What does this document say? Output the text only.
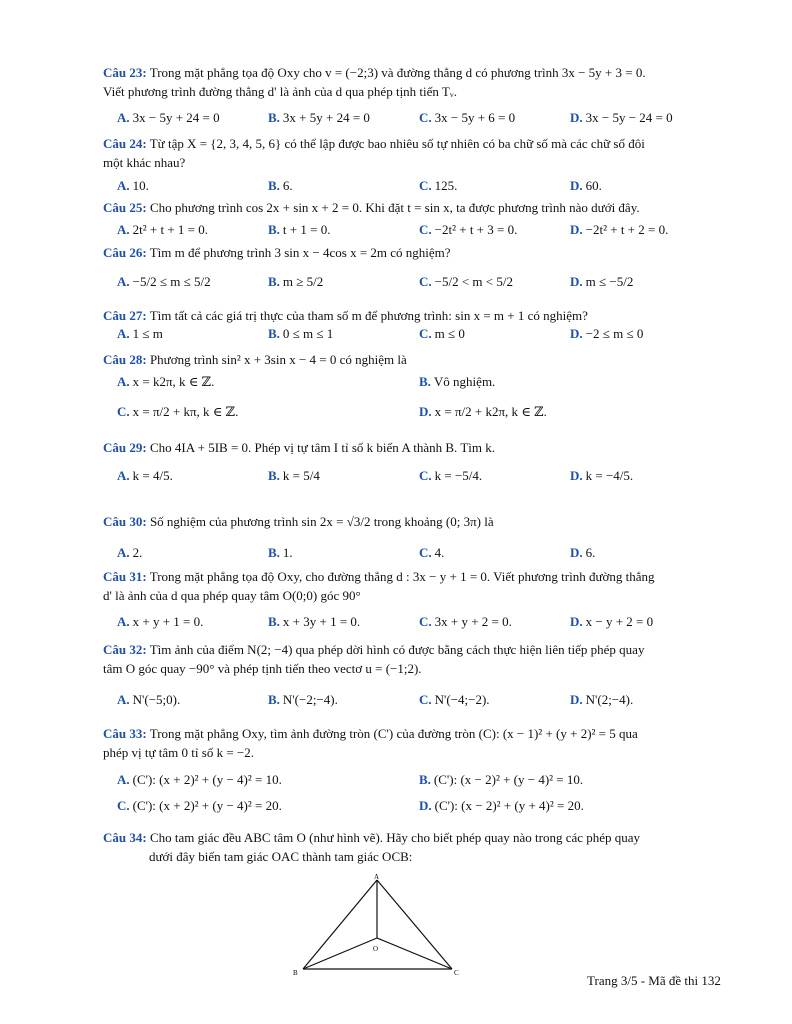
Câu 23: Trong mặt phẳng tọa độ Oxy cho v = (−2;3) và đường thẳng d có phương trình 3x − 5y + 3 = 0.
Viết phương trình đường thẳng d' là ảnh của d qua phép tịnh tiến Tᵥ.
A. 3x − 5y + 24 = 0	B. 3x + 5y + 24 = 0	C. 3x − 5y + 6 = 0	D. 3x − 5y − 24 = 0
Câu 24: Từ tập X = {2, 3, 4, 5, 6} có thể lập được bao nhiêu số tự nhiên có ba chữ số mà các chữ số đôi
một khác nhau?
A. 10.	B. 6.	C. 125.	D. 60.
Câu 25: Cho phương trình cos 2x + sin x + 2 = 0. Khi đặt t = sin x, ta được phương trình nào dưới đây.
A. 2t² + t + 1 = 0.	B. t + 1 = 0.	C. −2t² + t + 3 = 0.	D. −2t² + t + 2 = 0.
Câu 26: Tìm m để phương trình 3 sin x − 4cos x = 2m có nghiệm?
A. −5/2 ≤ m ≤ 5/2	B. m ≥ 5/2	C. −5/2 < m < 5/2	D. m ≤ −5/2
Câu 27: Tìm tất cả các giá trị thực của tham số m để phương trình: sin x = m + 1 có nghiệm?
A. 1 ≤ m	B. 0 ≤ m ≤ 1	C. m ≤ 0	D. −2 ≤ m ≤ 0
Câu 28: Phương trình sin² x + 3sin x − 4 = 0 có nghiệm là
A. x = k2π, k ∈ ℤ.	B. Vô nghiệm.
C. x = π/2 + kπ, k ∈ ℤ.	D. x = π/2 + k2π, k ∈ ℤ.
Câu 29: Cho 4IA + 5IB = 0. Phép vị tự tâm I tỉ số k biến A thành B. Tìm k.
A. k = 4/5.	B. k = 5/4	C. k = −5/4.	D. k = −4/5.
Câu 30: Số nghiệm của phương trình sin 2x = √3/2 trong khoảng (0; 3π) là
A. 2.	B. 1.	C. 4.	D. 6.
Câu 31: Trong mặt phẳng tọa độ Oxy, cho đường thẳng d : 3x − y + 1 = 0. Viết phương trình đường thẳng
d' là ảnh của d qua phép quay tâm O(0;0) góc 90°
A. x + y + 1 = 0.	B. x + 3y + 1 = 0.	C. 3x + y + 2 = 0.	D. x − y + 2 = 0
Câu 32: Tìm ảnh của điểm N(2; −4) qua phép dời hình có được bằng cách thực hiện liên tiếp phép quay
tâm O góc quay −90° và phép tịnh tiến theo vectơ u = (−1;2).
A. N'(−5;0).	B. N'(−2;−4).	C. N'(−4;−2).	D. N'(2;−4).
Câu 33: Trong mặt phẳng Oxy, tìm ảnh đường tròn (C') của đường tròn (C): (x − 1)² + (y + 2)² = 5 qua
phép vị tự tâm 0 tỉ số k = −2.
A. (C'): (x + 2)² + (y − 4)² = 10.	B. (C'): (x − 2)² + (y − 4)² = 10.
C. (C'): (x + 2)² + (y − 4)² = 20.	D. (C'): (x − 2)² + (y + 4)² = 20.
Câu 34: Cho tam giác đều ABC tâm O (như hình vẽ). Hãy cho biết phép quay nào trong các phép quay
dưới đây biến tam giác OAC thành tam giác OCB:
A
B	C
O
Trang 3/5 - Mã đề thi 132
